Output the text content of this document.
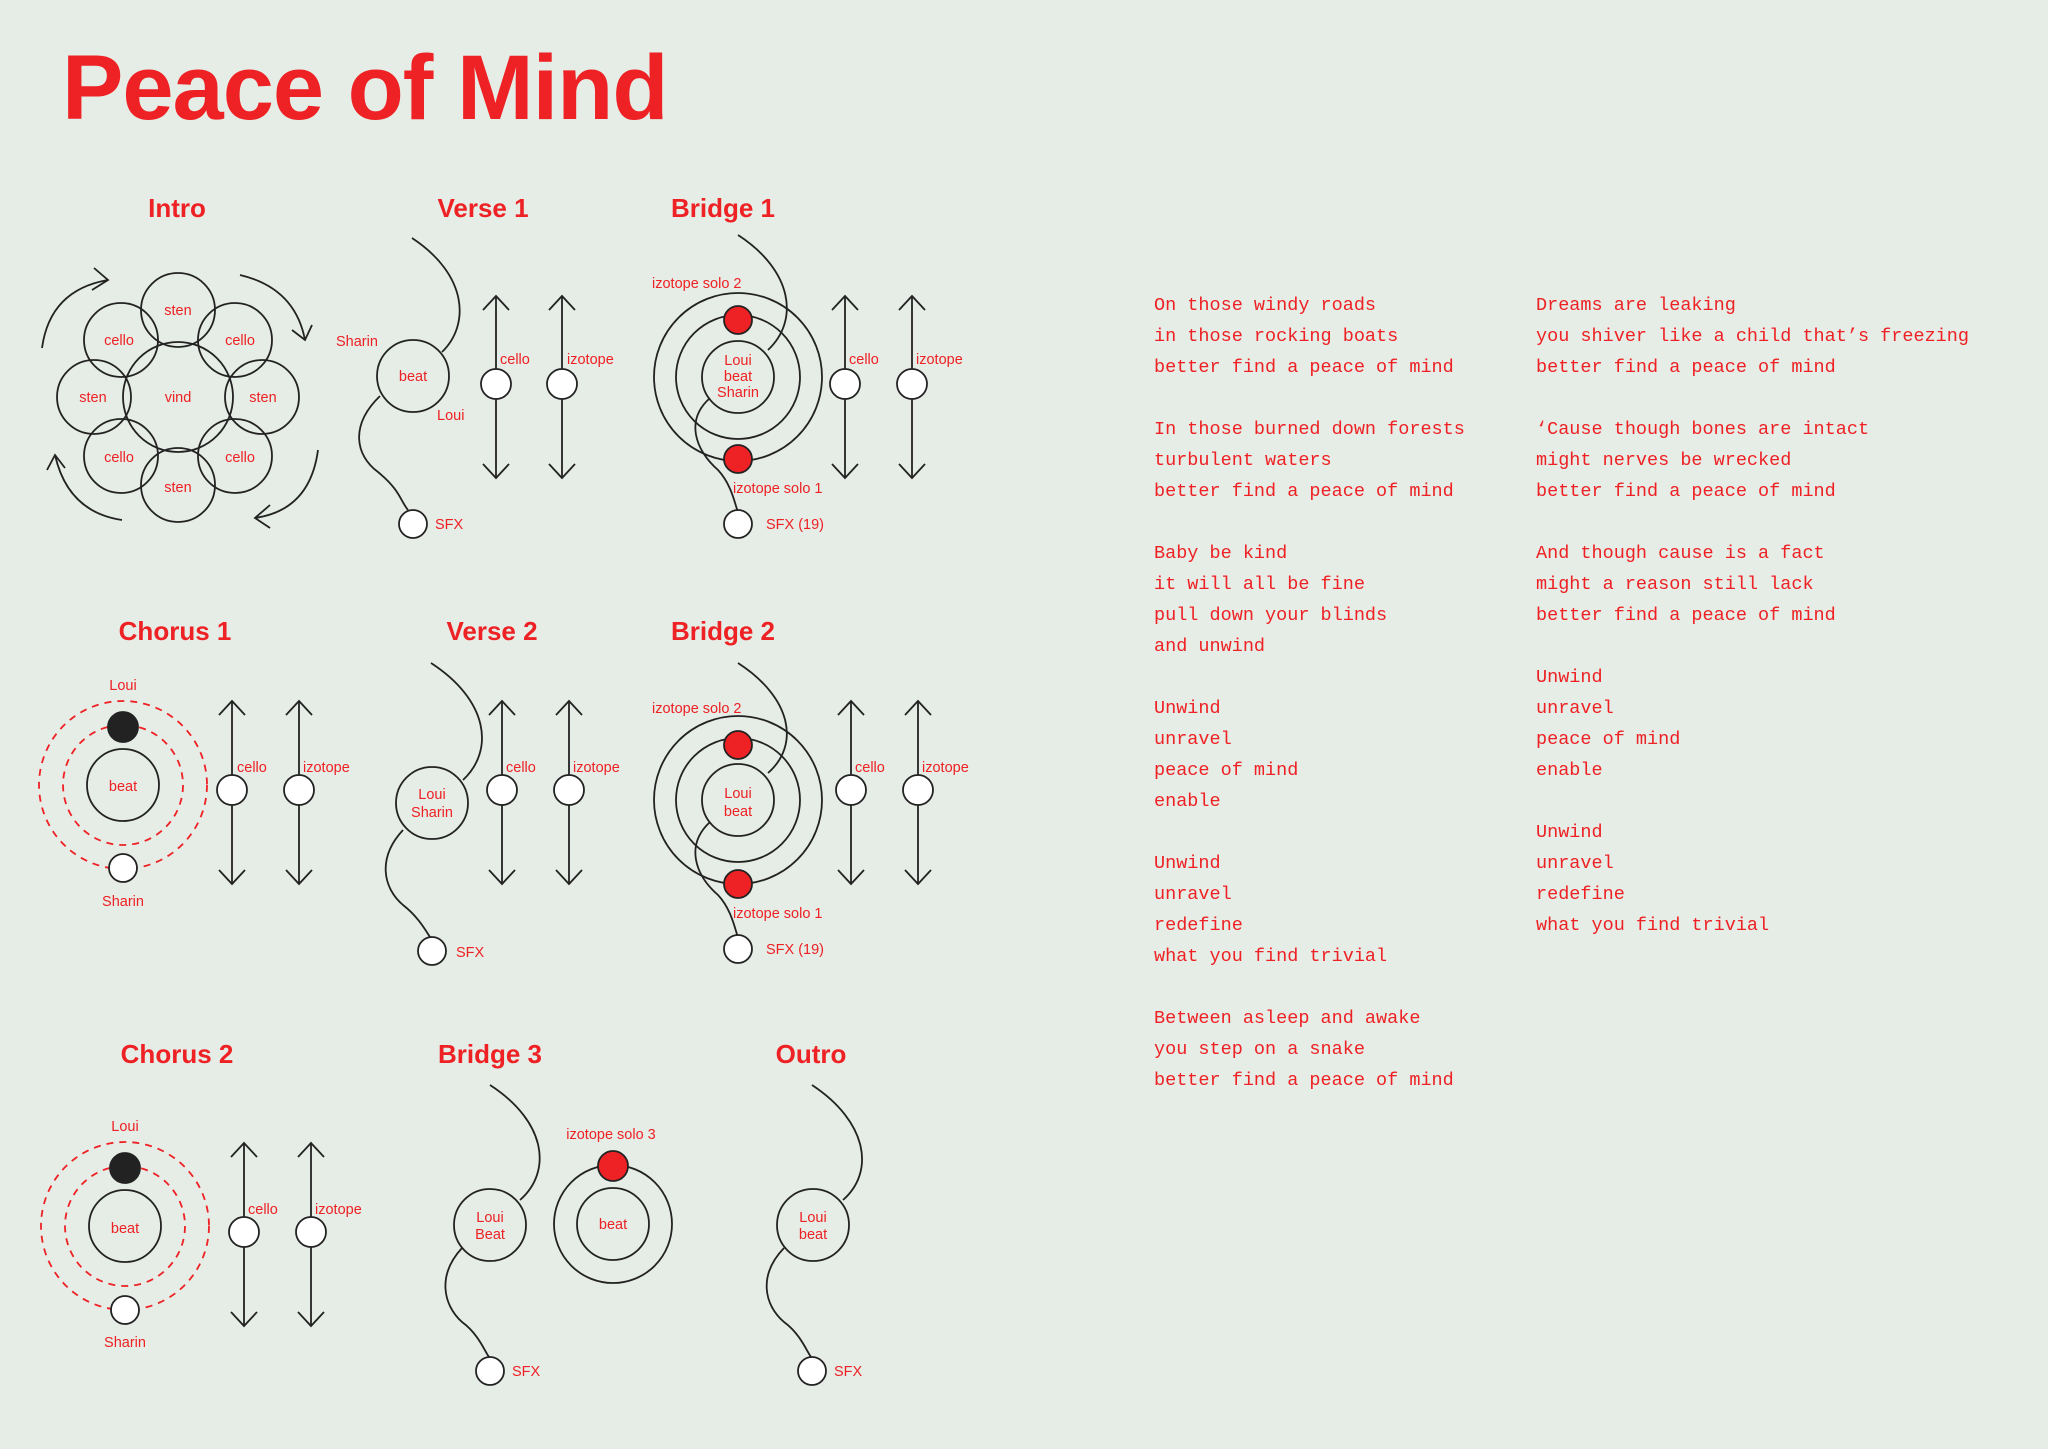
Peace of Mind
Intro
sten
cello	cello
sten	vind	sten
cello	cello
sten
Verse 1
beat
Sharin
Loui
SFX
cello	izotope
Bridge 1
izotope solo 2
izotope solo 1
Loui
beat
Sharin
SFX (19)
cello	izotope
Chorus 1
beat
Loui
Sharin
cello izotope
Verse 2
Loui
Sharin
SFX
cello	izotope
Bridge 2
izotope solo 2
izotope solo 1
Loui
beat
SFX (19)
cello	izotope
Chorus 2
beat
Loui
Sharin
cello	izotope
Bridge 3
Loui
Beat
SFX
beat
izotope solo 3
Outro
Loui
beat
SFX
On those windy roads
in those rocking boats
better find a peace of mind
In those burned down forests
turbulent waters
better find a peace of mind
Baby be kind
it will all be fine
pull down your blinds
and unwind
Unwind
unravel
peace of mind
enable
Unwind
unravel
redefine
what you find trivial
Between asleep and awake
you step on a snake
better find a peace of mind
Dreams are leaking
you shiver like a child that’s freezing
better find a peace of mind
‘Cause though bones are intact
might nerves be wrecked
better find a peace of mind
And though cause is a fact
might a reason still lack
better find a peace of mind
Unwind
unravel
peace of mind
enable
Unwind
unravel
redefine
what you find trivial
